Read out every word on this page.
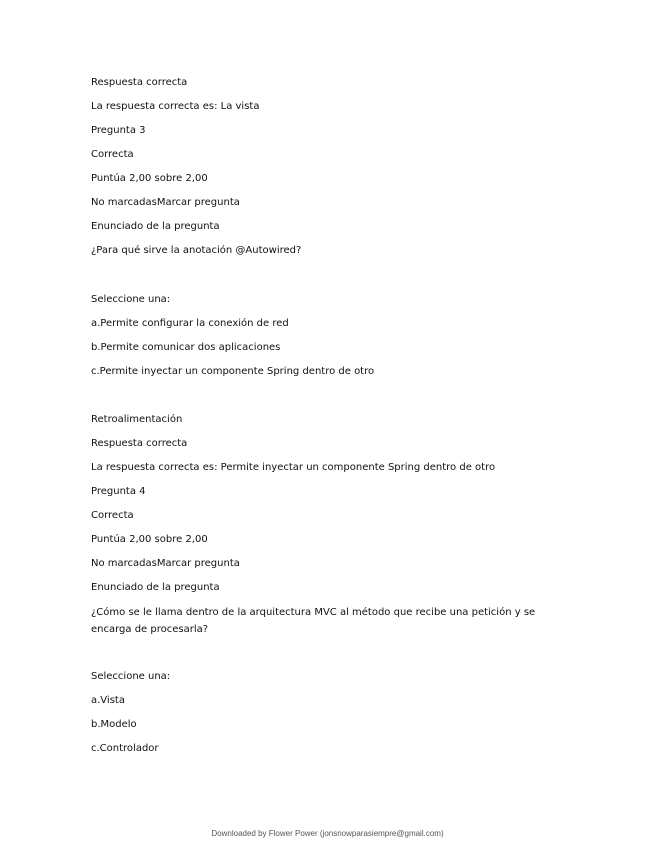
Respuesta correcta
La respuesta correcta es: La vista
Pregunta 3
Correcta
Puntúa 2,00 sobre 2,00
No marcadasMarcar pregunta
Enunciado de la pregunta
¿Para qué sirve la anotación @Autowired?
Seleccione una:
a.Permite configurar la conexión de red
b.Permite comunicar dos aplicaciones
c.Permite inyectar un componente Spring dentro de otro
Retroalimentación
Respuesta correcta
La respuesta correcta es: Permite inyectar un componente Spring dentro de otro
Pregunta 4
Correcta
Puntúa 2,00 sobre 2,00
No marcadasMarcar pregunta
Enunciado de la pregunta
¿Cómo se le llama dentro de la arquitectura MVC al método que recibe una petición y se encarga de procesarla?
Seleccione una:
a.Vista
b.Modelo
c.Controlador
Downloaded by Flower Power (jonsnowparasiempre@gmail.com)
